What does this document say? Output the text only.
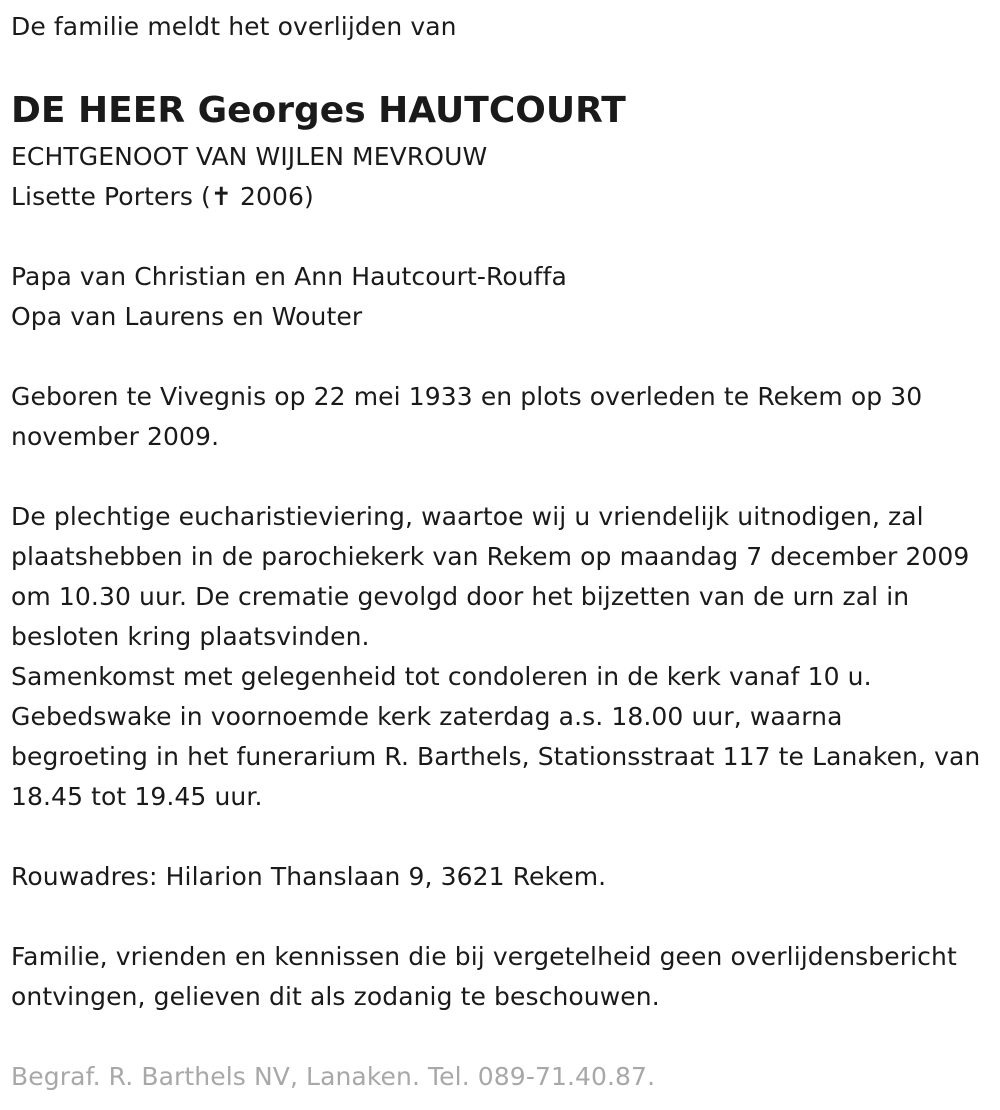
De familie meldt het overlijden van
DE HEER Georges HAUTCOURT
ECHTGENOOT VAN WIJLEN MEVROUW
Lisette Porters (✝ 2006)
Papa van Christian en Ann Hautcourt-Rouffa
Opa van Laurens en Wouter
Geboren te Vivegnis op 22 mei 1933 en plots overleden te Rekem op 30 november 2009.
De plechtige eucharistieviering, waartoe wij u vriendelijk uitnodigen, zal plaatshebben in de parochiekerk van Rekem op maandag 7 december 2009 om 10.30 uur. De crematie gevolgd door het bijzetten van de urn zal in besloten kring plaatsvinden.
Samenkomst met gelegenheid tot condoleren in de kerk vanaf 10 u.
Gebedswake in voornoemde kerk zaterdag a.s. 18.00 uur, waarna begroeting in het funerarium R. Barthels, Stationsstraat 117 te Lanaken, van 18.45 tot 19.45 uur.
Rouwadres: Hilarion Thanslaan 9, 3621 Rekem.
Familie, vrienden en kennissen die bij vergetelheid geen overlijdensbericht ontvingen, gelieven dit als zodanig te beschouwen.
Begraf. R. Barthels NV, Lanaken. Tel. 089-71.40.87.
